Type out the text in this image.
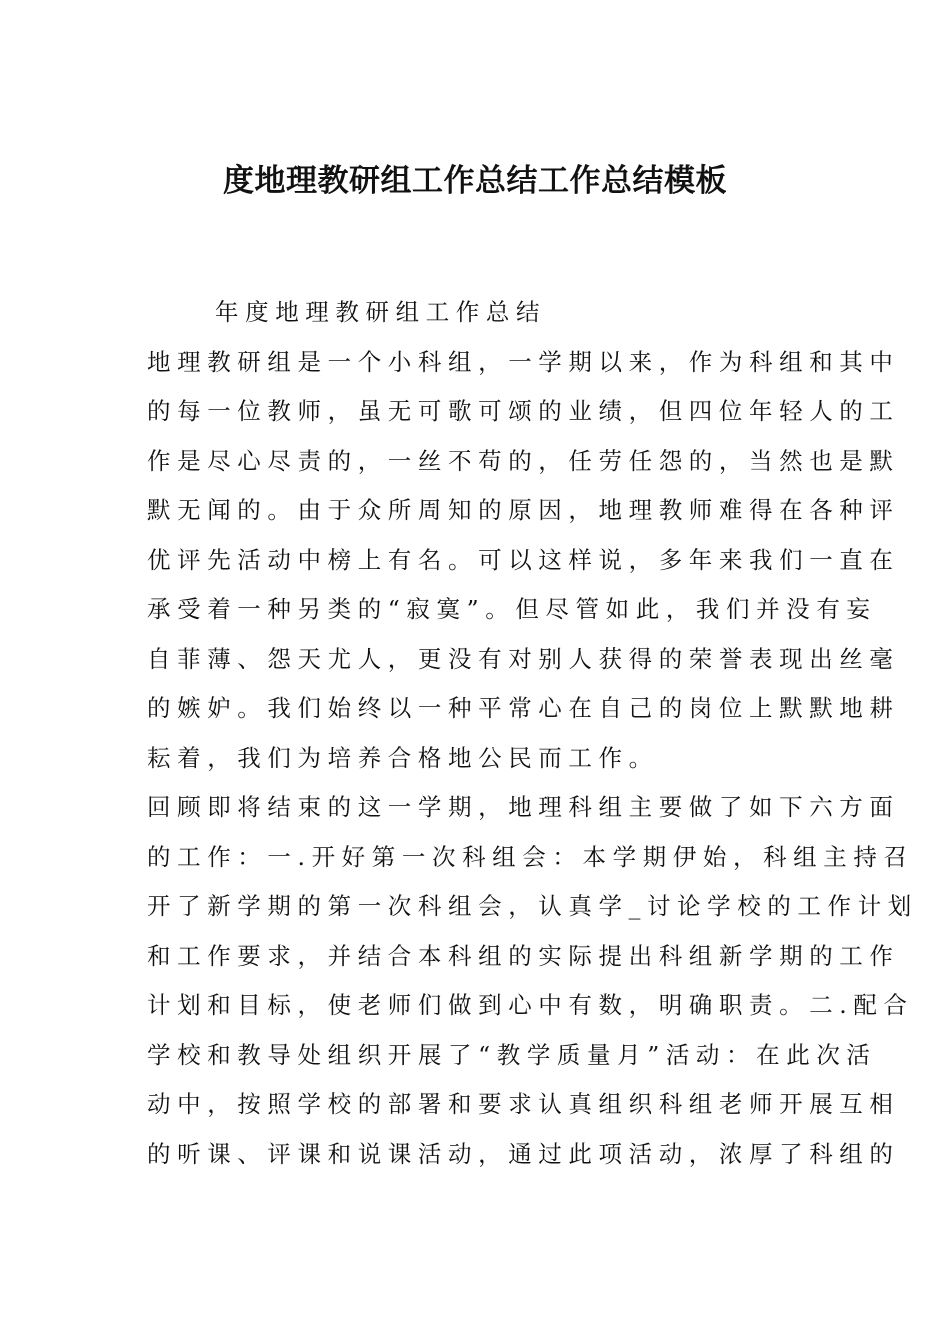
度地理教研组工作总结工作总结模板
年度地理教研组工作总结
地理教研组是一个小科组，一学期以来，作为科组和其中
的每一位教师，虽无可歌可颂的业绩，但四位年轻人的工
作是尽心尽责的，一丝不苟的，任劳任怨的，当然也是默
默无闻的。由于众所周知的原因，地理教师难得在各种评
优评先活动中榜上有名。可以这样说，多年来我们一直在
承受着一种另类的“寂寞”。但尽管如此，我们并没有妄
自菲薄、怨天尤人，更没有对别人获得的荣誉表现出丝毫
的嫉妒。我们始终以一种平常心在自己的岗位上默默地耕
耘着，我们为培养合格地公民而工作。
回顾即将结束的这一学期，地理科组主要做了如下六方面
的工作：一.开好第一次科组会：本学期伊始，科组主持召
开了新学期的第一次科组会，认真学_讨论学校的工作计划
和工作要求，并结合本科组的实际提出科组新学期的工作
计划和目标，使老师们做到心中有数，明确职责。二.配合
学校和教导处组织开展了“教学质量月”活动：在此次活
动中，按照学校的部署和要求认真组织科组老师开展互相
的听课、评课和说课活动，通过此项活动，浓厚了科组的
